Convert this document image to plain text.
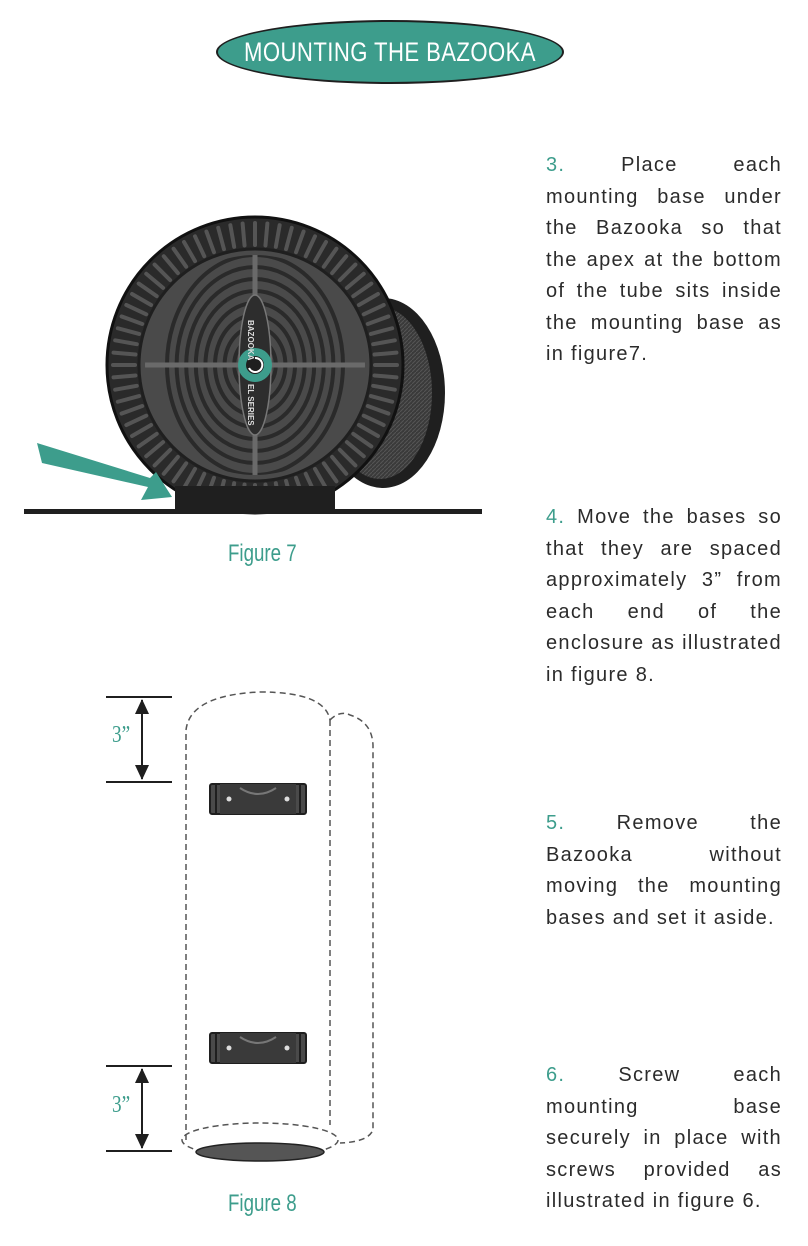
MOUNTING THE BAZOOKA
BAZOOKA
EL SERIES
Figure 7
Figure 8
3”
3”
3.	Place each mounting base under the Bazooka so that the apex at the bottom of the tube sits inside the mounting base as in figure7.
4. Move the bases so that they are spaced approximately 3” from each end of the enclosure as illustrated in figure 8.
5.	Remove the Bazooka without moving the mounting bases and set it aside.
6.	Screw each mounting base securely in place with screws provided as illustrated in figure 6.
